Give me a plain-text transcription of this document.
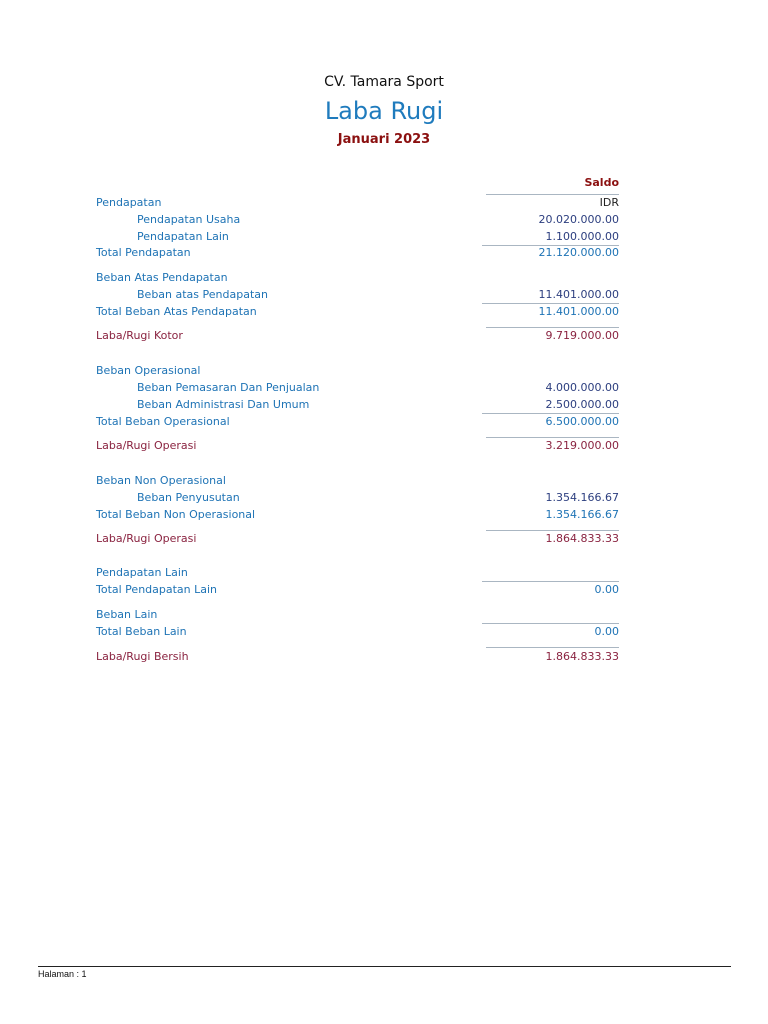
CV. Tamara Sport
Laba Rugi
Januari 2023
Saldo
Pendapatan	IDR
Pendapatan Usaha	20.020.000.00
Pendapatan Lain	1.100.000.00
Total Pendapatan	21.120.000.00
Beban Atas Pendapatan
Beban atas Pendapatan	11.401.000.00
Total Beban Atas Pendapatan	11.401.000.00
Laba/Rugi Kotor	9.719.000.00
Beban Operasional
Beban Pemasaran Dan Penjualan	4.000.000.00
Beban Administrasi Dan Umum	2.500.000.00
Total Beban Operasional	6.500.000.00
Laba/Rugi Operasi	3.219.000.00
Beban Non Operasional
Beban Penyusutan	1.354.166.67
Total Beban Non Operasional	1.354.166.67
Laba/Rugi Operasi	1.864.833.33
Pendapatan Lain
Total Pendapatan Lain	0.00
Beban Lain
Total Beban Lain	0.00
Laba/Rugi Bersih	1.864.833.33
Halaman : 1
